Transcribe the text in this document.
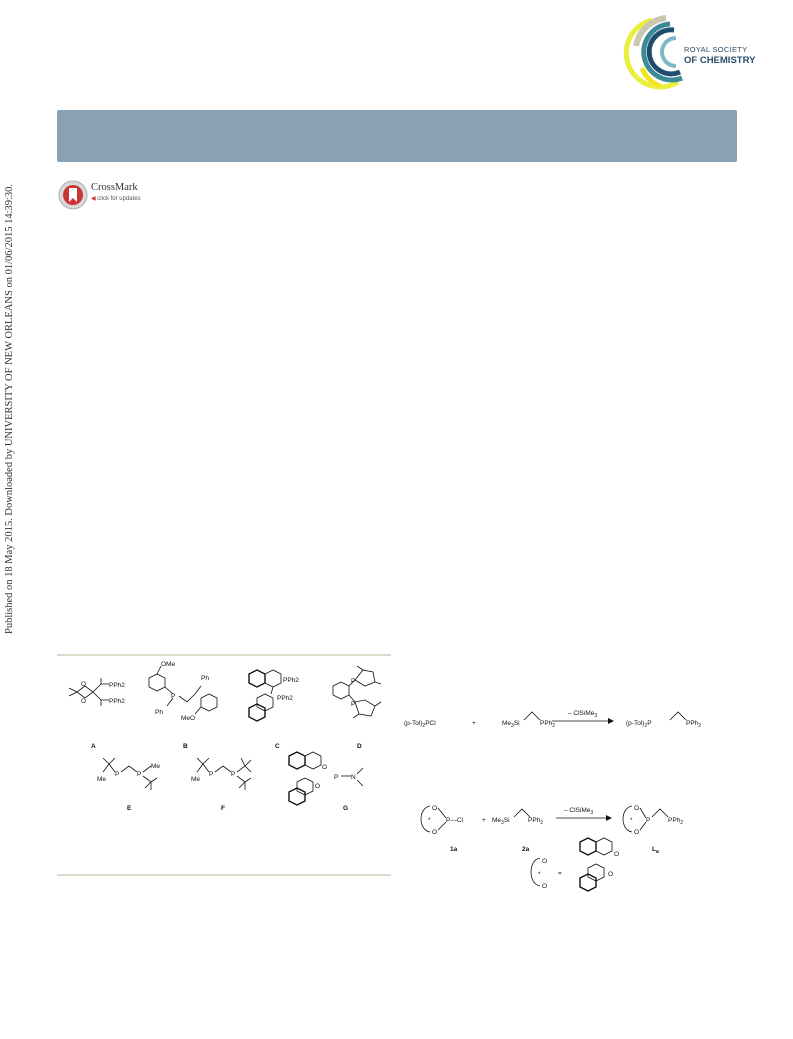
Published on 18 May 2015. Downloaded by UNIVERSITY OF NEW ORLEANS on 01/06/2015 14:39:30.
ROYAL SOCIETY
OF CHEMISTRY
CrossMark
◀ click for updates
PPh2
PPh2
O
O
OMe
P
Ph
Ph
MeO
PPh2
PPh2
P
P
A	B	C	D
Me
P	P
Me
E
Me
P	P
F
O
O
P N
G
$(p-Tol)_2PCl$	+	$Me_3Si$	PPh$_2$
– ClSiMe$_3$
$(p-Tol)_2P$	PPh$_2$
*
O
O
P—Cl
1a
+ $Me_3Si$	PPh$_2$
2a
– ClSiMe$_3$
*
O
O
P	PPh$_2$
$L_a$
*
O
O
=
O
O
